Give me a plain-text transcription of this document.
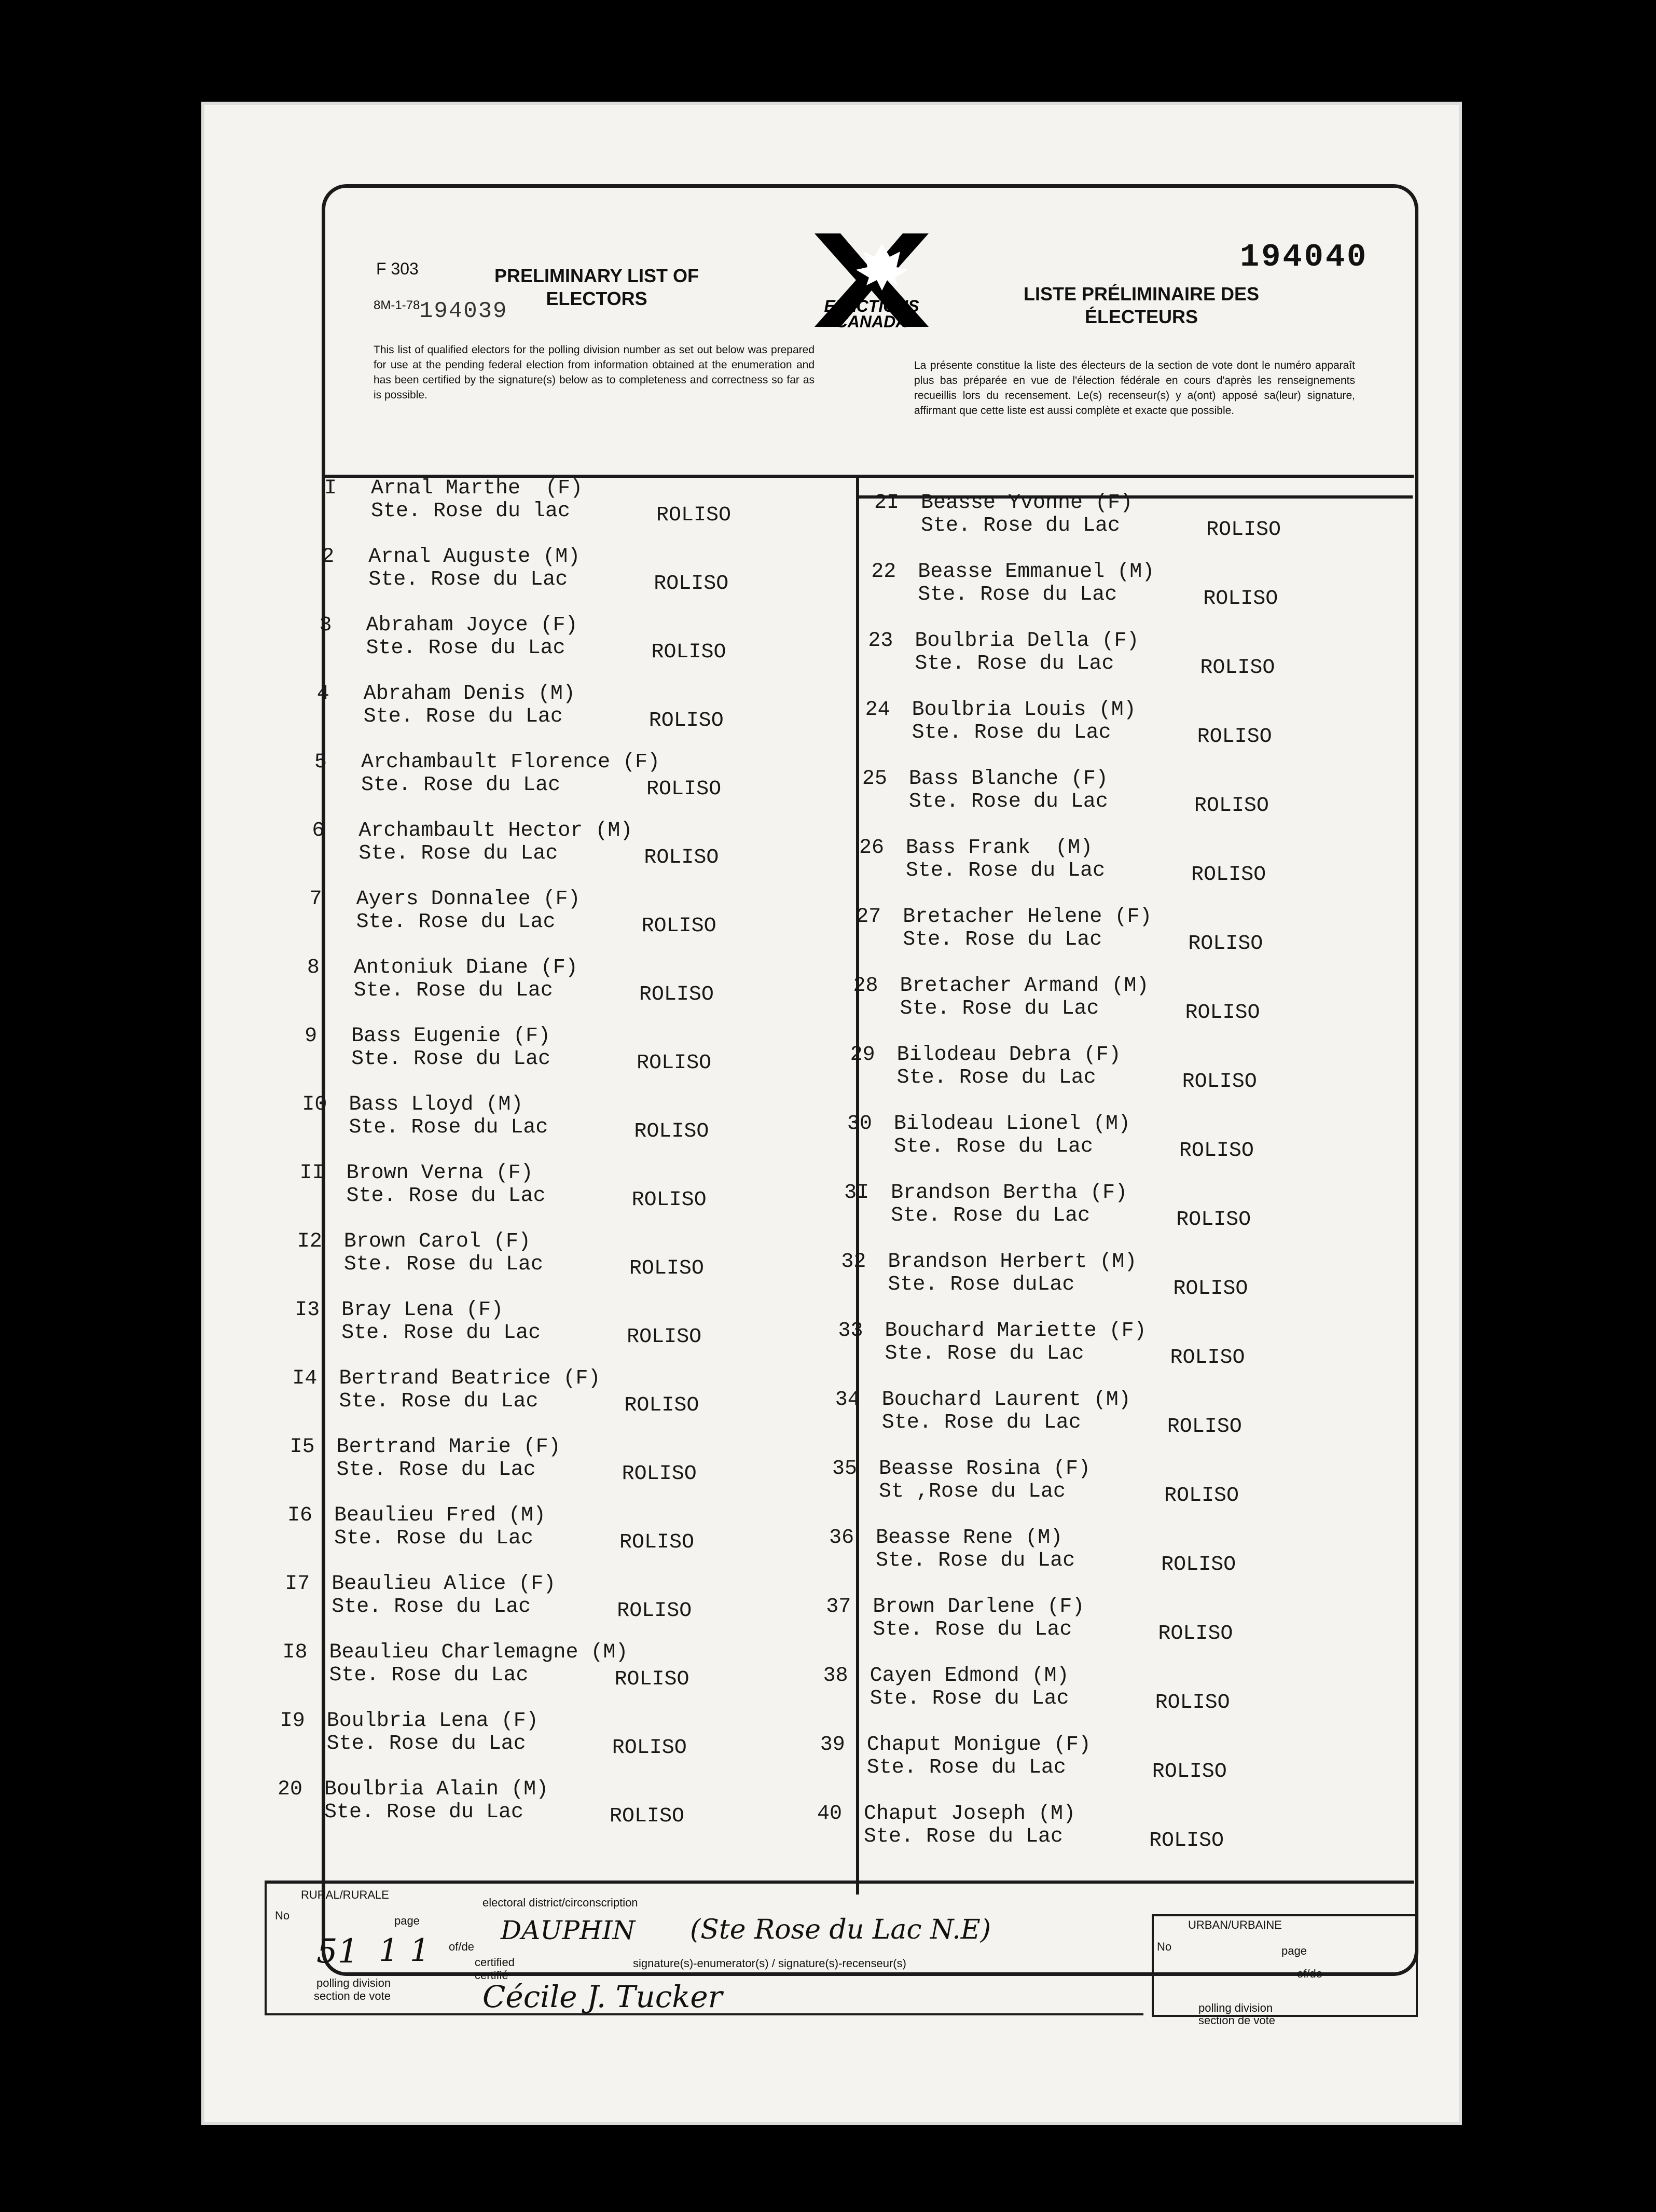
F 303
8M-1-78
194039
PRELIMINARY LIST OF ELECTORS	LISTE PRÉLIMINAIRE DES ÉLECTEURS
194040
This list of qualified electors for the polling division number as set out below was prepared for use at the pending federal election from information obtained at the enumeration and has been certified by the signature(s) below as to completeness and correctness so far as is possible.
La présente constitue la liste des électeurs de la section de vote dont le numéro apparaît plus bas préparée en vue de l'élection fédérale en cours d'après les renseignements recueillis lors du recensement. Le(s) recenseur(s) y a(ont) apposé sa(leur) signature, affirmant que cette liste est aussi complète et exacte que possible.
ELECTIONS CANADA
I Arnal Marthe  (F)
Ste. Rose du lac	ROLISO
2 Arnal Auguste (M)
Ste. Rose du Lac	ROLISO
3 Abraham Joyce (F)
Ste. Rose du Lac	ROLISO
4 Abraham Denis (M)
Ste. Rose du Lac	ROLISO
5 Archambault Florence (F)
Ste. Rose du Lac	ROLISO
6 Archambault Hector (M)
Ste. Rose du Lac	ROLISO
7 Ayers Donnalee (F)
Ste. Rose du Lac	ROLISO
8 Antoniuk Diane (F)
Ste. Rose du Lac	ROLISO
9 Bass Eugenie (F)
Ste. Rose du Lac	ROLISO
I0 Bass Lloyd (M)
Ste. Rose du Lac	ROLISO
II Brown Verna (F)
Ste. Rose du Lac	ROLISO
I2 Brown Carol (F)
Ste. Rose du Lac	ROLISO
I3 Bray Lena (F)
Ste. Rose du Lac	ROLISO
I4 Bertrand Beatrice (F)
Ste. Rose du Lac	ROLISO
I5 Bertrand Marie (F)
Ste. Rose du Lac	ROLISO
I6 Beaulieu Fred (M)
Ste. Rose du Lac	ROLISO
I7 Beaulieu Alice (F)
Ste. Rose du Lac	ROLISO
I8 Beaulieu Charlemagne (M)
Ste. Rose du Lac	ROLISO
I9 Boulbria Lena (F)
Ste. Rose du Lac	ROLISO
20 Boulbria Alain (M)
Ste. Rose du Lac	ROLISO
2I Beasse Yvonne (F)
Ste. Rose du Lac	ROLISO
22 Beasse Emmanuel (M)
Ste. Rose du Lac	ROLISO
23 Boulbria Della (F)
Ste. Rose du Lac	ROLISO
24 Boulbria Louis (M)
Ste. Rose du Lac	ROLISO
25 Bass Blanche (F)
Ste. Rose du Lac	ROLISO
26 Bass Frank  (M)
Ste. Rose du Lac	ROLISO
27 Bretacher Helene (F)
Ste. Rose du Lac	ROLISO
28 Bretacher Armand (M)
Ste. Rose du Lac	ROLISO
29 Bilodeau Debra (F)
Ste. Rose du Lac	ROLISO
30 Bilodeau Lionel (M)
Ste. Rose du Lac	ROLISO
3I Brandson Bertha (F)
Ste. Rose du Lac	ROLISO
32 Brandson Herbert (M)
Ste. Rose duLac	ROLISO
33 Bouchard Mariette (F)
Ste. Rose du Lac	ROLISO
34 Bouchard Laurent (M)
Ste. Rose du Lac	ROLISO
35 Beasse Rosina (F)
St ,Rose du Lac	ROLISO
36 Beasse Rene (M)
Ste. Rose du Lac	ROLISO
37 Brown Darlene (F)
Ste. Rose du Lac	ROLISO
38 Cayen Edmond (M)
Ste. Rose du Lac	ROLISO
39 Chaput Monigue (F)
Ste. Rose du Lac	ROLISO
40 Chaput Joseph (M)
Ste. Rose du Lac	ROLISO
RURAL/RURALE
No	page
of/de
electoral district/circonscription
DAUPHIN (Ste Rose du Lac N.E)
51 1 1
polling division
section de vote
certified
certifié
signature(s)-enumerator(s) / signature(s)-recenseur(s)
Cécile J. Tucker
URBAN/URBAINE
No	page
of/de
polling division
section de vote
